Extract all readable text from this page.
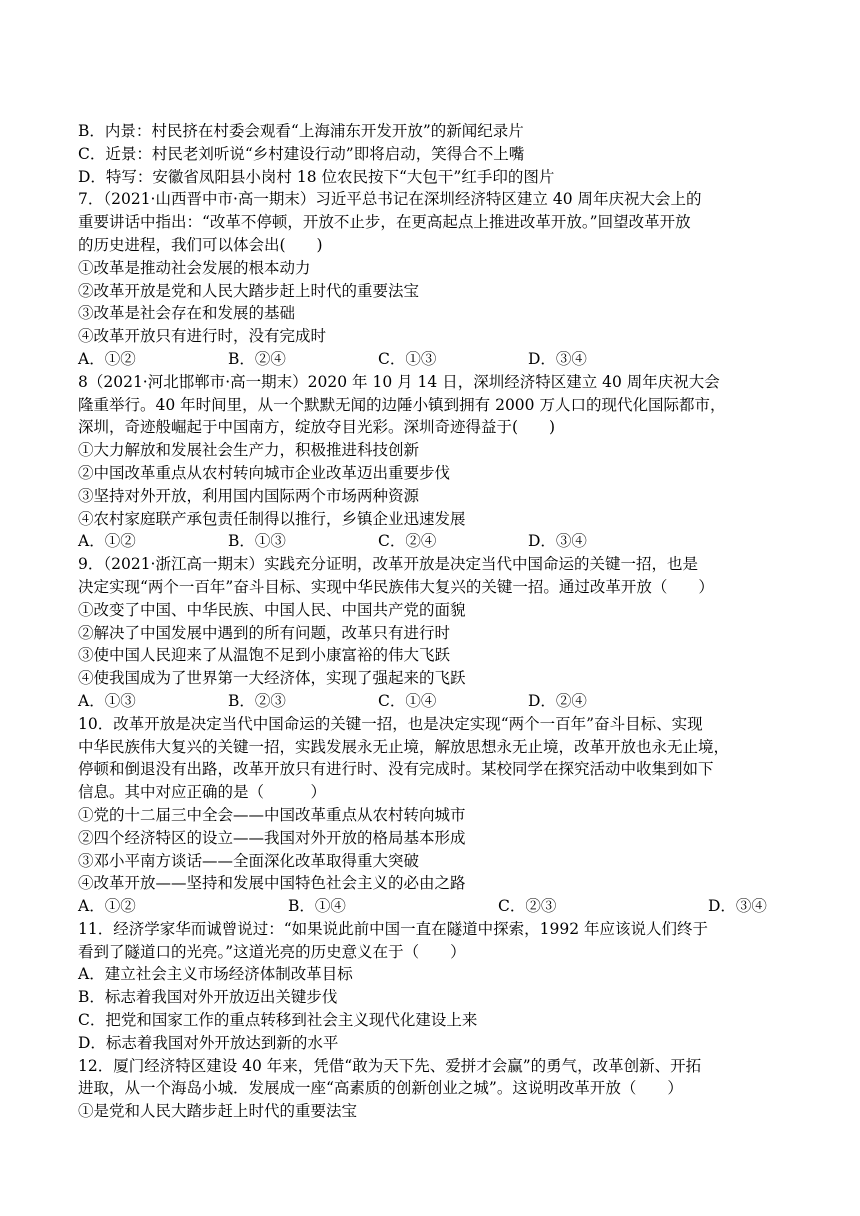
B．内景：村民挤在村委会观看“上海浦东开发开放”的新闻纪录片
C．近景：村民老刘听说“乡村建设行动”即将启动，笑得合不上嘴
D．特写：安徽省凤阳县小岗村 18 位农民按下“大包干”红手印的图片
7．（2021·山西晋中市·高一期末）习近平总书记在深圳经济特区建立 40 周年庆祝大会上的
重要讲话中指出：“改革不停顿，开放不止步，在更高起点上推进改革开放。”回望改革开放
的历史进程，我们可以体会出(　　)
①改革是推动社会发展的根本动力
②改革开放是党和人民大踏步赶上时代的重要法宝
③改革是社会存在和发展的基础
④改革开放只有进行时，没有完成时
A．①②	B．②④	C．①③	D．③④
8（2021·河北邯郸市·高一期末）2020 年 10 月 14 日，深圳经济特区建立 40 周年庆祝大会
隆重举行。40 年时间里，从一个默默无闻的边陲小镇到拥有 2000 万人口的现代化国际都市，
深圳，奇迹般崛起于中国南方，绽放夺目光彩。深圳奇迹得益于(　　)
①大力解放和发展社会生产力，积极推进科技创新
②中国改革重点从农村转向城市企业改革迈出重要步伐
③坚持对外开放，利用国内国际两个市场两种资源
④农村家庭联产承包责任制得以推行，乡镇企业迅速发展
A．①②	B．①③	C．②④	D．③④
9．（2021·浙江高一期末）实践充分证明，改革开放是决定当代中国命运的关键一招，也是
决定实现“两个一百年”奋斗目标、实现中华民族伟大复兴的关键一招。通过改革开放（　　）
①改变了中国、中华民族、中国人民、中国共产党的面貌
②解决了中国发展中遇到的所有问题，改革只有进行时
③使中国人民迎来了从温饱不足到小康富裕的伟大飞跃
④使我国成为了世界第一大经济体，实现了强起来的飞跃
A．①③	B．②③	C．①④	D．②④
10．改革开放是决定当代中国命运的关键一招，也是决定实现“两个一百年”奋斗目标、实现
中华民族伟大复兴的关键一招，实践发展永无止境，解放思想永无止境，改革开放也永无止境，
停顿和倒退没有出路，改革开放只有进行时、没有完成时。某校同学在探究活动中收集到如下
信息。其中对应正确的是（　　　）
①党的十二届三中全会——中国改革重点从农村转向城市
②四个经济特区的设立——我国对外开放的格局基本形成
③邓小平南方谈话——全面深化改革取得重大突破
④改革开放——坚持和发展中国特色社会主义的必由之路
A．①②	B．①④	C．②③	D．③④
11．经济学家华而诚曾说过：“如果说此前中国一直在隧道中探索，1992 年应该说人们终于
看到了隧道口的光亮。”这道光亮的历史意义在于（　　）
A．建立社会主义市场经济体制改革目标
B．标志着我国对外开放迈出关键步伐
C．把党和国家工作的重点转移到社会主义现代化建设上来
D．标志着我国对外开放达到新的水平
12．厦门经济特区建设 40 年来，凭借“敢为天下先、爱拼才会赢”的勇气，改革创新、开拓
进取，从一个海岛小城．发展成一座“高素质的创新创业之城”。这说明改革开放（　　）
①是党和人民大踏步赶上时代的重要法宝
